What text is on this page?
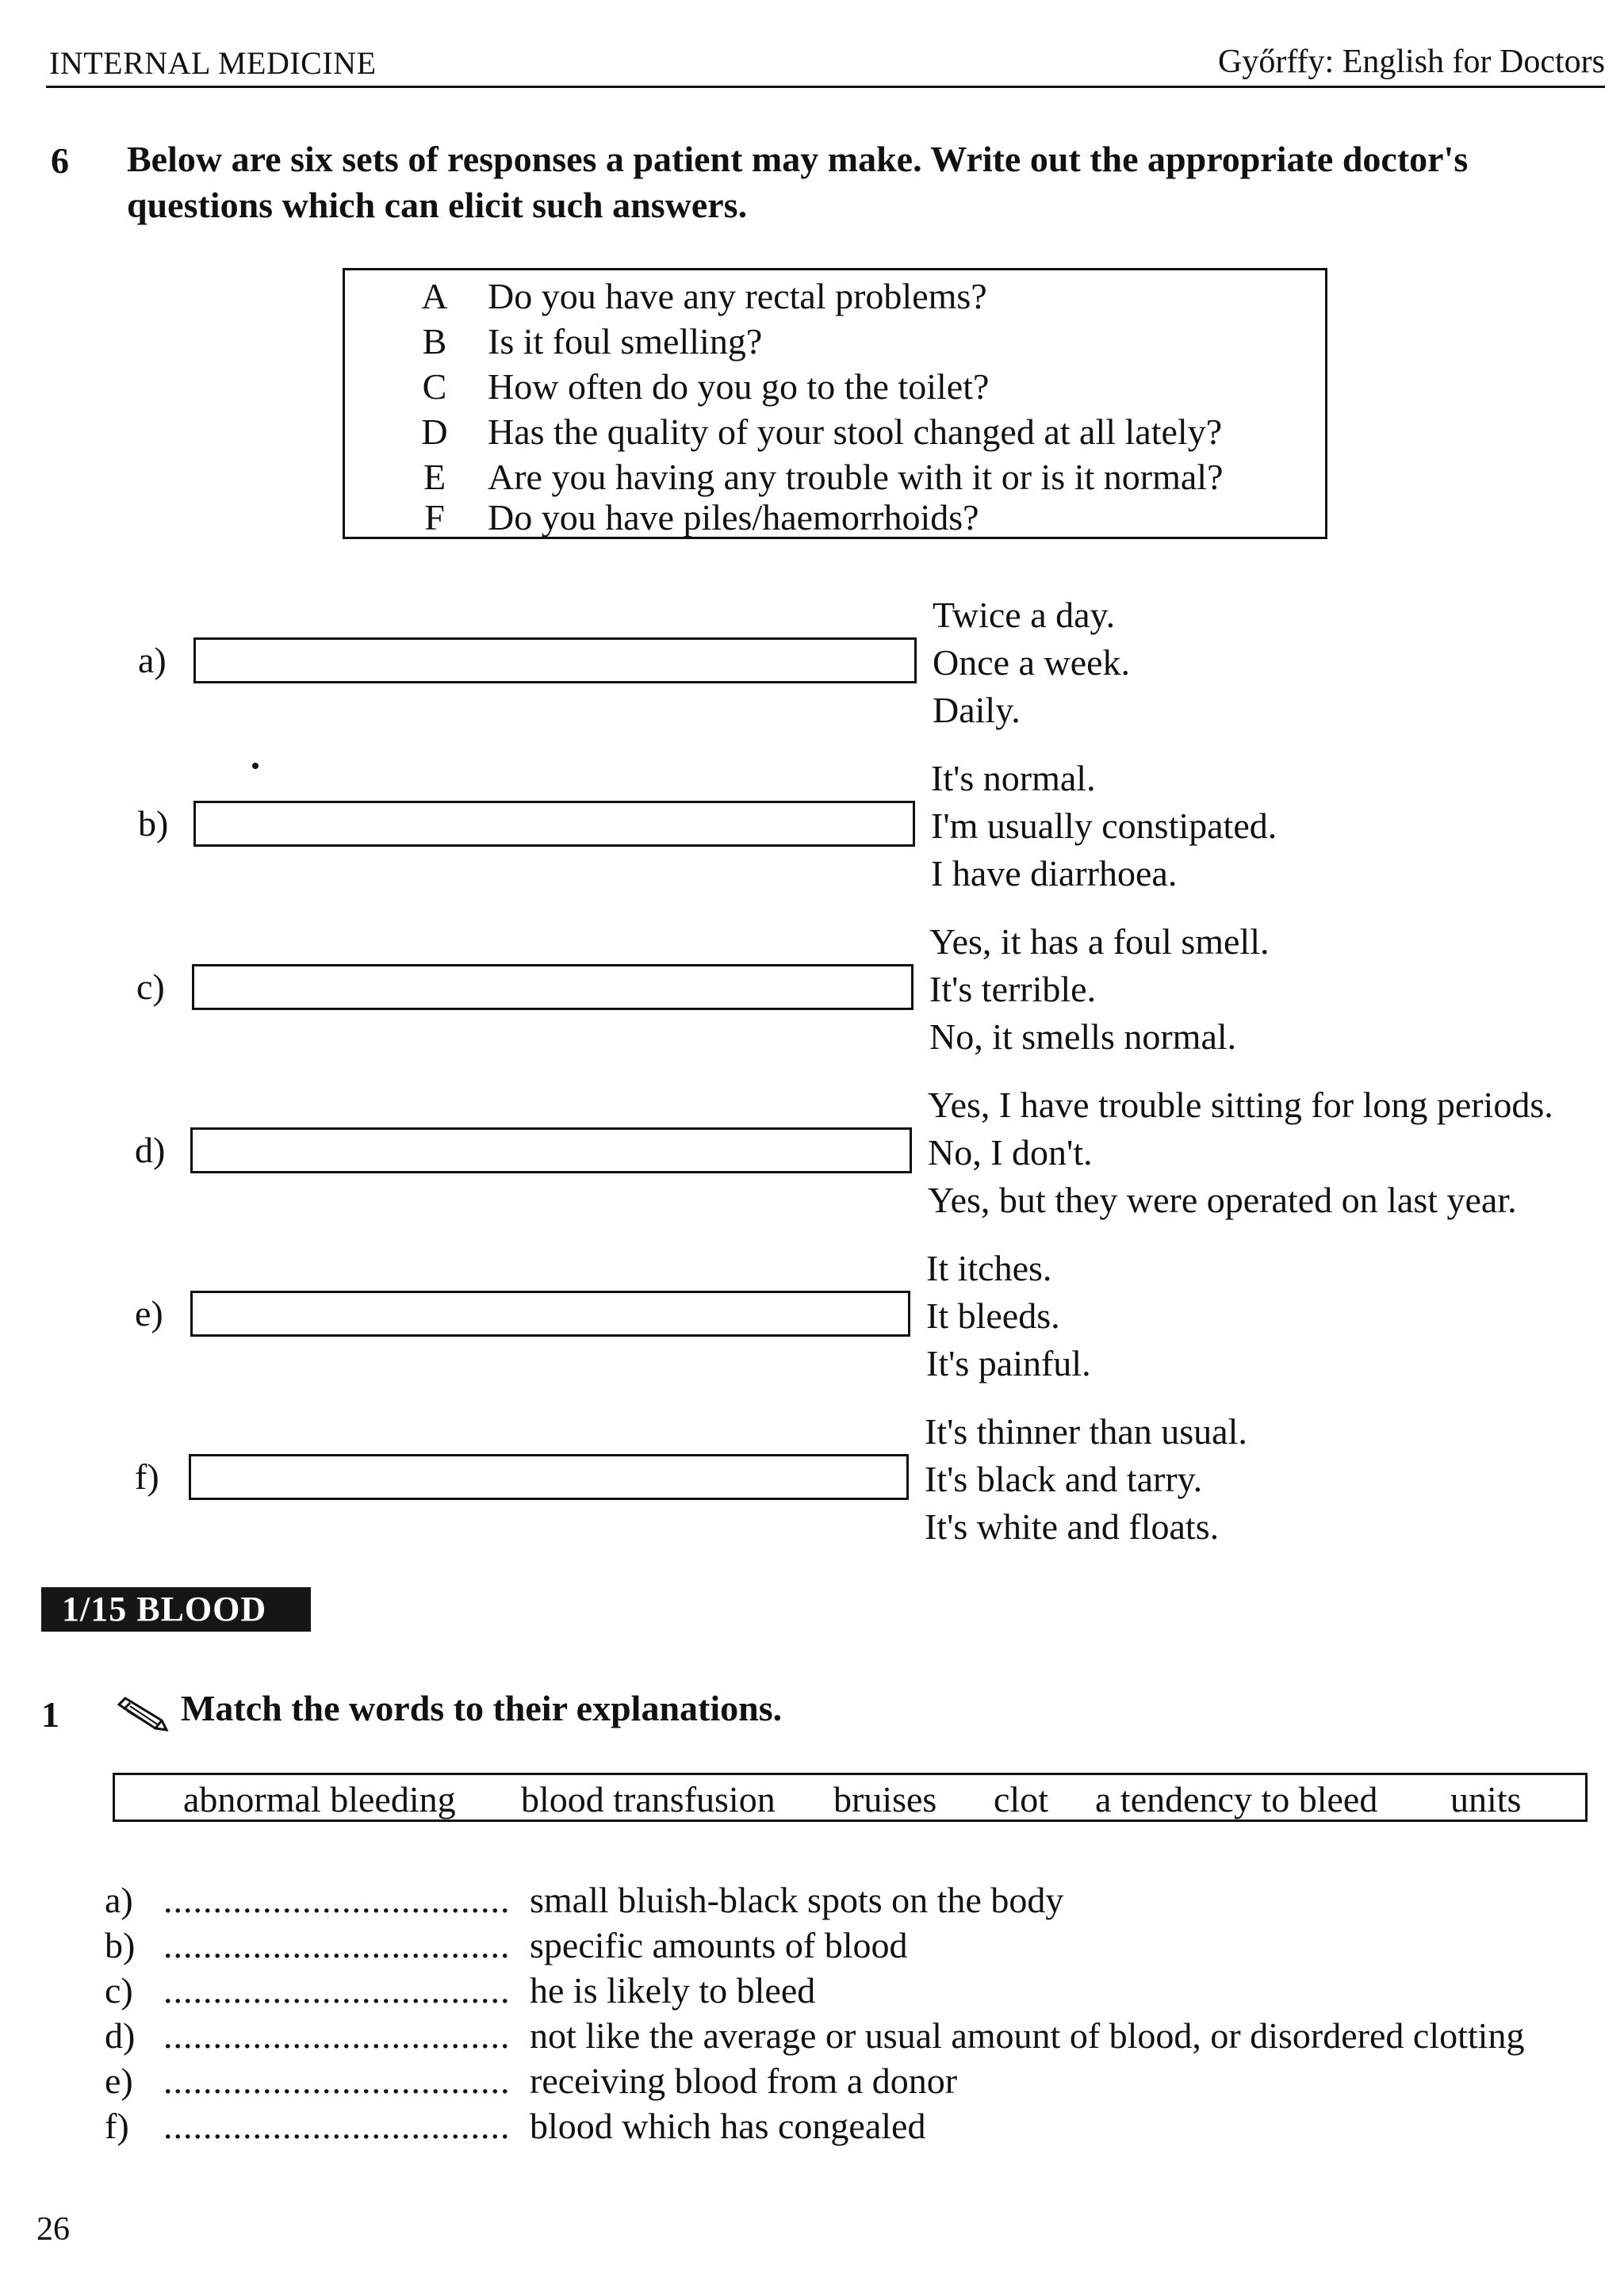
INTERNAL MEDICINE	Győrffy: English for Doctors
6 Below are six sets of responses a patient may make. Write out the appropriate doctor's
questions which can elicit such answers.
A Do you have any rectal problems?
B Is it foul smelling?
C How often do you go to the toilet?
D Has the quality of your stool changed at all lately?
E Are you having any trouble with it or is it normal?
F Do you have piles/haemorrhoids?
a)
Twice a day.
Once a week.
Daily.
b)
It's normal.
I'm usually constipated.
I have diarrhoea.
c)
Yes, it has a foul smell.
It's terrible.
No, it smells normal.
d)
Yes, I have trouble sitting for long periods.
No, I don't.
Yes, but they were operated on last year.
e)
It itches.
It bleeds.
It's painful.
f)
It's thinner than usual.
It's black and tarry.
It's white and floats.
1/15 BLOOD
1	Match the words to their explanations.
abnormal bleeding blood transfusion bruises clot a tendency to bleed units
a) ................................... small bluish-black spots on the body
b) ................................... specific amounts of blood
c) ................................... he is likely to bleed
d) ................................... not like the average or usual amount of blood, or disordered clotting
e) ................................... receiving blood from a donor
f) ................................... blood which has congealed
26
